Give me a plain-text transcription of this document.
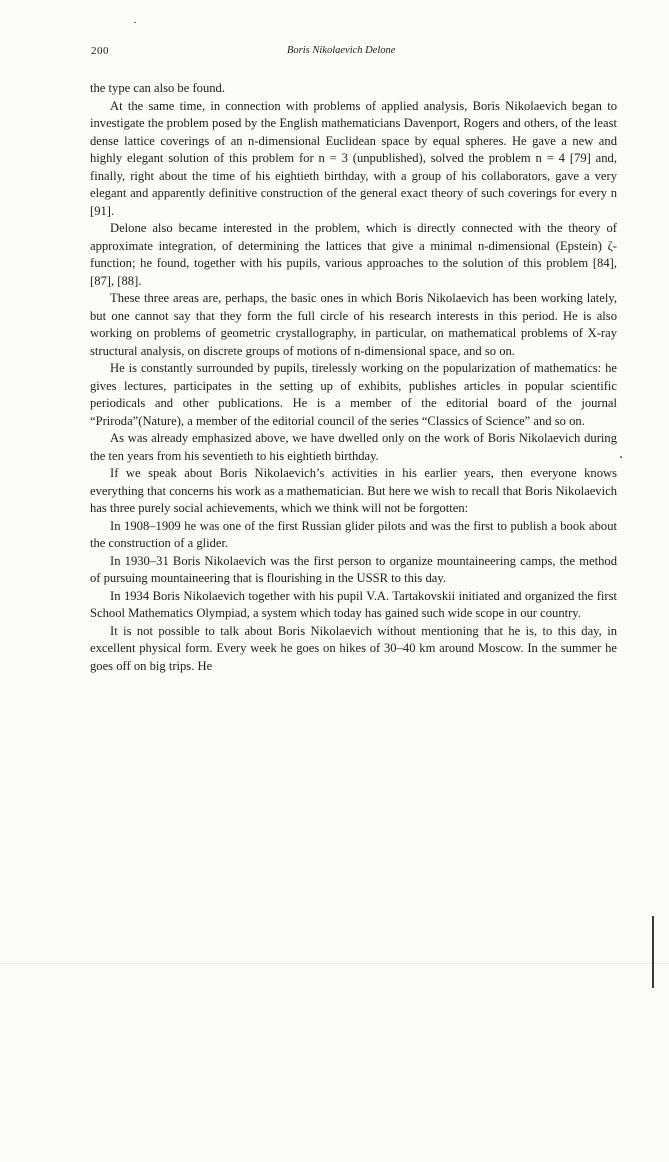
200	Boris Nikolaevich Delone

the type can also be found.

At the same time, in connection with problems of applied analysis, Boris Nikolaevich began to investigate the problem posed by the English mathematicians Davenport, Rogers and others, of the least dense lattice coverings of an n-dimensional Euclidean space by equal spheres. He gave a new and highly elegant solution of this problem for n = 3 (unpublished), solved the problem n = 4 [79] and, finally, right about the time of his eightieth birthday, with a group of his collaborators, gave a very elegant and apparently definitive construction of the general exact theory of such coverings for every n [91].

Delone also became interested in the problem, which is directly connected with the theory of approximate integration, of determining the lattices that give a minimal n-dimensional (Epstein) ζ-function; he found, together with his pupils, various approaches to the solution of this problem [84], [87], [88].

These three areas are, perhaps, the basic ones in which Boris Nikolaevich has been working lately, but one cannot say that they form the full circle of his research interests in this period. He is also working on problems of geometric crystallography, in particular, on mathematical problems of X-ray structural analysis, on discrete groups of motions of n-dimensional space, and so on.

He is constantly surrounded by pupils, tirelessly working on the popularization of mathematics: he gives lectures, participates in the setting up of exhibits, publishes articles in popular scientific periodicals and other publications. He is a member of the editorial board of the journal “Priroda”(Nature), a member of the editorial council of the series “Classics of Science” and so on.

As was already emphasized above, we have dwelled only on the work of Boris Nikolaevich during the ten years from his seventieth to his eightieth birthday.

If we speak about Boris Nikolaevich’s activities in his earlier years, then everyone knows everything that concerns his work as a mathematician. But here we wish to recall that Boris Nikolaevich has three purely social achievements, which we think will not be forgotten:

In 1908–1909 he was one of the first Russian glider pilots and was the first to publish a book about the construction of a glider.

In 1930–31 Boris Nikolaevich was the first person to organize mountaineering camps, the method of pursuing mountaineering that is flourishing in the USSR to this day.

In 1934 Boris Nikolaevich together with his pupil V.A. Tartakovskii initiated and organized the first School Mathematics Olympiad, a system which today has gained such wide scope in our country.

It is not possible to talk about Boris Nikolaevich without mentioning that he is, to this day, in excellent physical form. Every week he goes on hikes of 30–40 km around Moscow. In the summer he goes off on big trips. He
